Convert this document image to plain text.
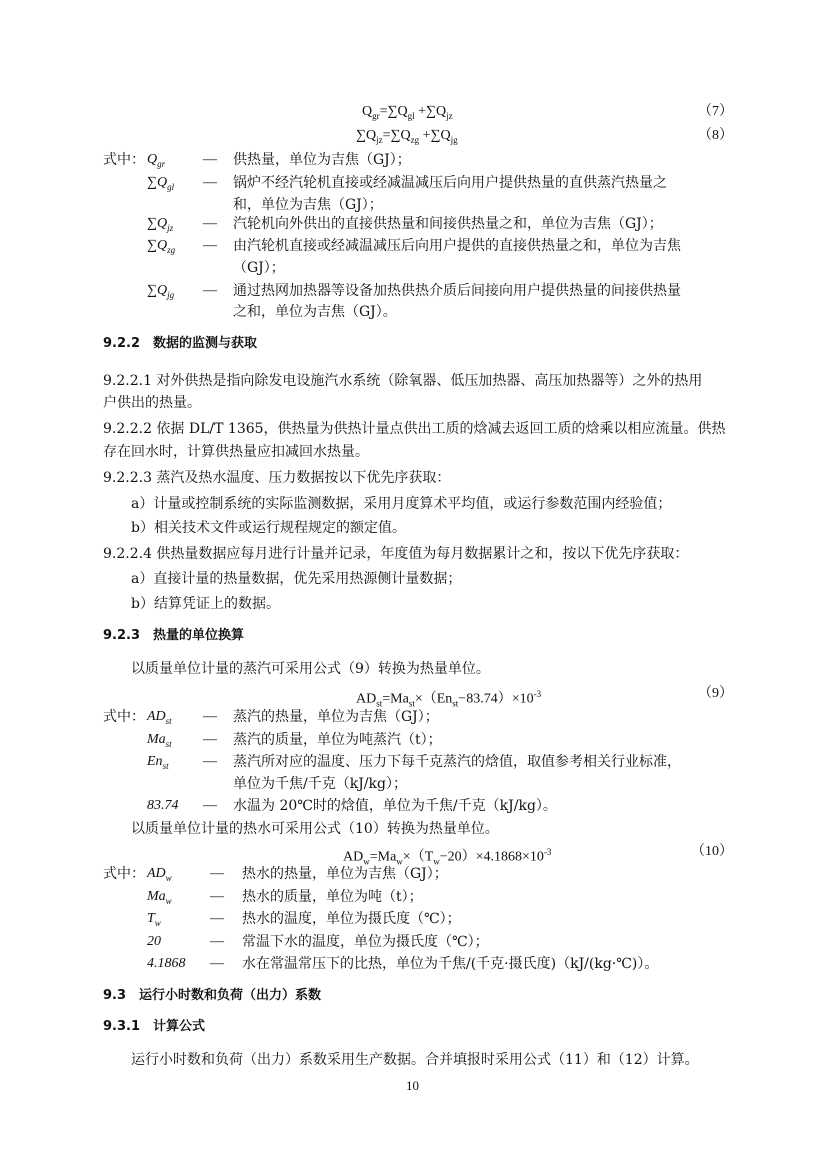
$Q_{gr}=\sum Q_{gl} +\sum Q_{jz}$	（7）
$\sum Q_{jz}=\sum Q_{zg} +\sum Q_{jg}$	（8）
式中： $Q_{gr}$	— 供热量，单位为吉焦（GJ）；
$\sum Q_{gl}$ — 锅炉不经汽轮机直接或经减温减压后向用户提供热量的直供蒸汽热量之
和，单位为吉焦（GJ）；
$\sum Q_{jz}$ — 汽轮机向外供出的直接供热量和间接供热量之和，单位为吉焦（GJ）；
$\sum Q_{zg}$ — 由汽轮机直接或经减温减压后向用户提供的直接供热量之和，单位为吉焦
（GJ）；
$\sum Q_{jg}$ — 通过热网加热器等设备加热供热介质后间接向用户提供热量的间接供热量
之和，单位为吉焦（GJ）。
9.2.2　数据的监测与获取
9.2.2.1 对外供热是指向除发电设施汽水系统（除氧器、低压加热器、高压加热器等）之外的热用
户供出的热量。
9.2.2.2 依据 DL/T 1365，供热量为供热计量点供出工质的焓减去返回工质的焓乘以相应流量。供热
存在回水时，计算供热量应扣减回水热量。
9.2.2.3 蒸汽及热水温度、压力数据按以下优先序获取：
a）计量或控制系统的实际监测数据，采用月度算术平均值，或运行参数范围内经验值；
b）相关技术文件或运行规程规定的额定值。
9.2.2.4 供热量数据应每月进行计量并记录，年度值为每月数据累计之和，按以下优先序获取：
a）直接计量的热量数据，优先采用热源侧计量数据；
b）结算凭证上的数据。
9.2.3　热量的单位换算
以质量单位计量的蒸汽可采用公式（9）转换为热量单位。
$AD_{st}=Ma_{st}\times(En_{st}-83.74)\times 10^{-3}$	（9）
式中： $AD_{st}$ — 蒸汽的热量，单位为吉焦（GJ）；
$Ma_{st}$ — 蒸汽的质量，单位为吨蒸汽（t）；
$En_{st}$ — 蒸汽所对应的温度、压力下每千克蒸汽的焓值，取值参考相关行业标准，
单位为千焦/千克（kJ/kg）；
83.74 — 水温为 20℃时的焓值，单位为千焦/千克（kJ/kg）。
以质量单位计量的热水可采用公式（10）转换为热量单位。
$AD_w=Ma_w\times(T_w-20)\times 4.1868\times 10^{-3}$	（10）
式中： $AD_w$	— 热水的热量，单位为吉焦（GJ）；
$Ma_w$	— 热水的质量，单位为吨（t）；
$T_w$	— 热水的温度，单位为摄氏度（℃）；
20	— 常温下水的温度，单位为摄氏度（℃）；
4.1868 — 水在常温常压下的比热，单位为千焦/(千克·摄氏度)（kJ/(kg·℃)）。
9.3　运行小时数和负荷（出力）系数
9.3.1　计算公式
运行小时数和负荷（出力）系数采用生产数据。合并填报时采用公式（11）和（12）计算。
10
